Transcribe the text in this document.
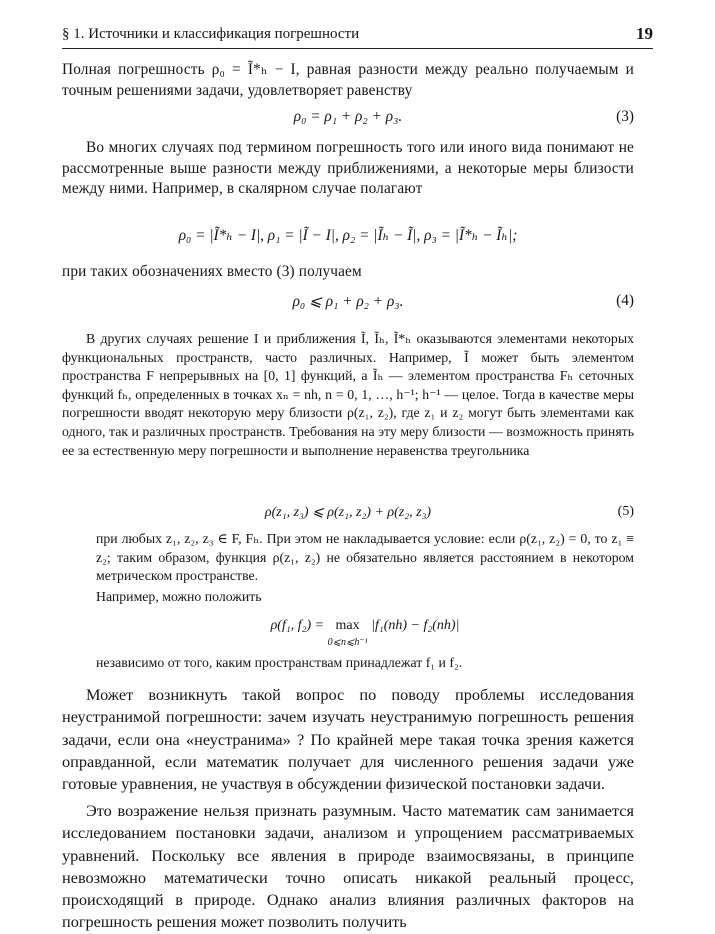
§ 1. Источники и классификация погрешности	19

Полная погрешность ρ₀ = Ĩ*ₕ − I, равная разности между реально получаемым и точным решениями задачи, удовлетворяет равенству

ρ₀ = ρ₁ + ρ₂ + ρ₃.	(3)

Во многих случаях под термином погрешность того или иного вида понимают не рассмотренные выше разности между приближениями, а некоторые меры близости между ними. Например, в скалярном случае полагают

ρ₀ = |Ĩ*ₕ − I|, ρ₁ = |Ĩ − I|, ρ₂ = |Ĩₕ − Ĩ|, ρ₃ = |Ĩ*ₕ − Ĩₕ|;

при таких обозначениях вместо (3) получаем

ρ₀ ⩽ ρ₁ + ρ₂ + ρ₃.	(4)

В других случаях решение I и приближения Ĩ, Ĩₕ, Ĩ*ₕ оказываются элементами некоторых функциональных пространств, часто различных. Например, Ĩ может быть элементом пространства F непрерывных на [0, 1] функций, а Ĩₕ — элементом пространства Fₕ сеточных функций fₕ, определенных в точках xₙ = nh, n = 0, 1, …, h⁻¹; h⁻¹ — целое. Тогда в качестве меры погрешности вводят некоторую меру близости ρ(z₁, z₂), где z₁ и z₂ могут быть элементами как одного, так и различных пространств. Требования на эту меру близости — возможность принять ее за естественную меру погрешности и выполнение неравенства треугольника

ρ(z₁, z₃) ⩽ ρ(z₁, z₂) + ρ(z₂, z₃)	(5)

при любых z₁, z₂, z₃ ∈ F, Fₕ. При этом не накладывается условие: если ρ(z₁, z₂) = 0, то z₁ ≡ z₂; таким образом, функция ρ(z₁, z₂) не обязательно является расстоянием в некотором метрическом пространстве.

Например, можно положить

ρ(f₁, f₂) = max
0⩽n⩽h⁻¹ |f₁(nh) − f₂(nh)|

независимо от того, каким пространствам принадлежат f₁ и f₂.

Может возникнуть такой вопрос по поводу проблемы исследования неустранимой погрешности: зачем изучать неустранимую погрешность решения задачи, если она «неустранима» ? По крайней мере такая точка зрения кажется оправданной, если математик получает для численного решения задачи уже готовые уравнения, не участвуя в обсуждении физической постановки задачи.

Это возражение нельзя признать разумным. Часто математик сам занимается исследованием постановки задачи, анализом и упрощением рассматриваемых уравнений. Поскольку все явления в природе взаимосвязаны, в принципе невозможно математически точно описать никакой реальный процесс, происходящий в природе. Однако анализ влияния различных факторов на погрешность решения может позволить получить
